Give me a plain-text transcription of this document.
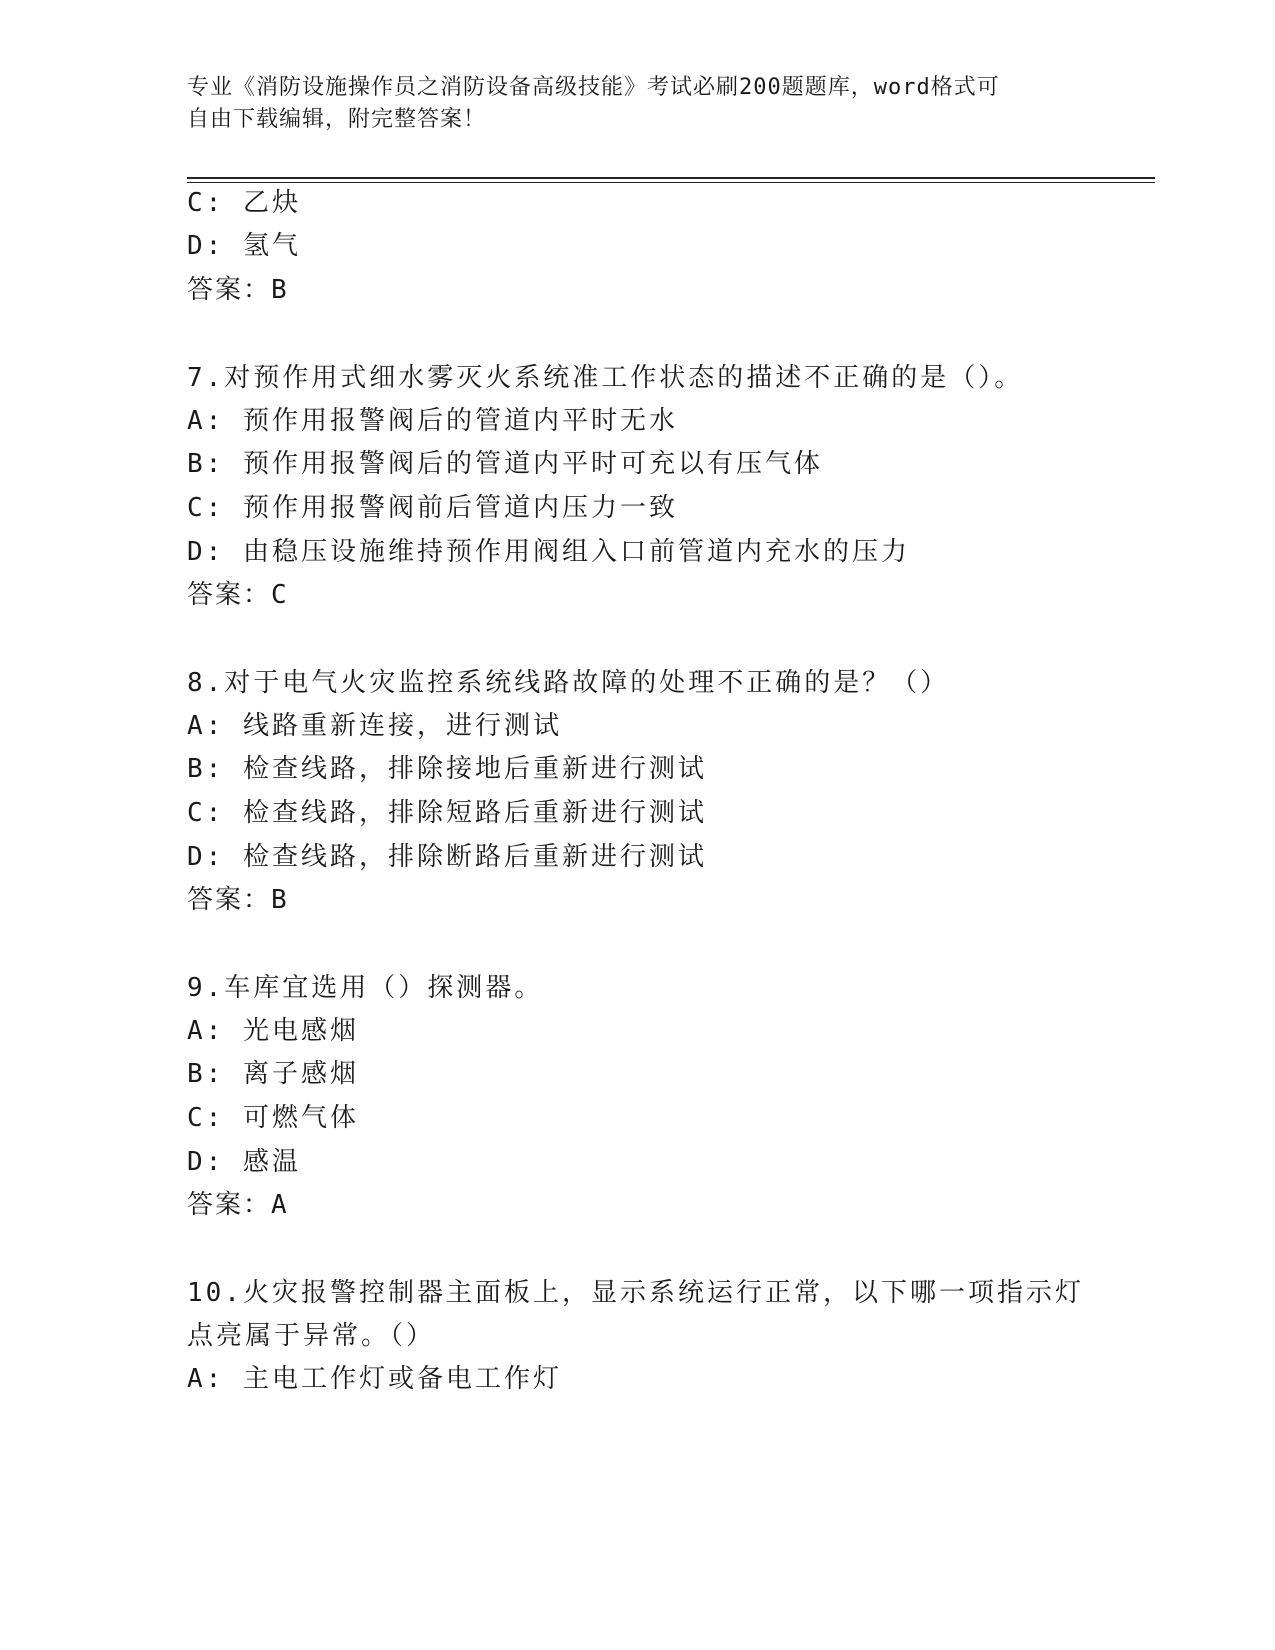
专业《消防设施操作员之消防设备高级技能》考试必刷200题题库，word格式可
自由下载编辑，附完整答案！
C: 乙炔
D: 氢气
答案：B
7.对预作用式细水雾灭火系统准工作状态的描述不正确的是（）。
A: 预作用报警阀后的管道内平时无水
B: 预作用报警阀后的管道内平时可充以有压气体
C: 预作用报警阀前后管道内压力一致
D: 由稳压设施维持预作用阀组入口前管道内充水的压力
答案：C
8.对于电气火灾监控系统线路故障的处理不正确的是？（）
A: 线路重新连接，进行测试
B: 检查线路，排除接地后重新进行测试
C: 检查线路，排除短路后重新进行测试
D: 检查线路，排除断路后重新进行测试
答案：B
9.车库宜选用（）探测器。
A: 光电感烟
B: 离子感烟
C: 可燃气体
D: 感温
答案：A
10.火灾报警控制器主面板上，显示系统运行正常，以下哪一项指示灯
点亮属于异常。（）
A: 主电工作灯或备电工作灯
